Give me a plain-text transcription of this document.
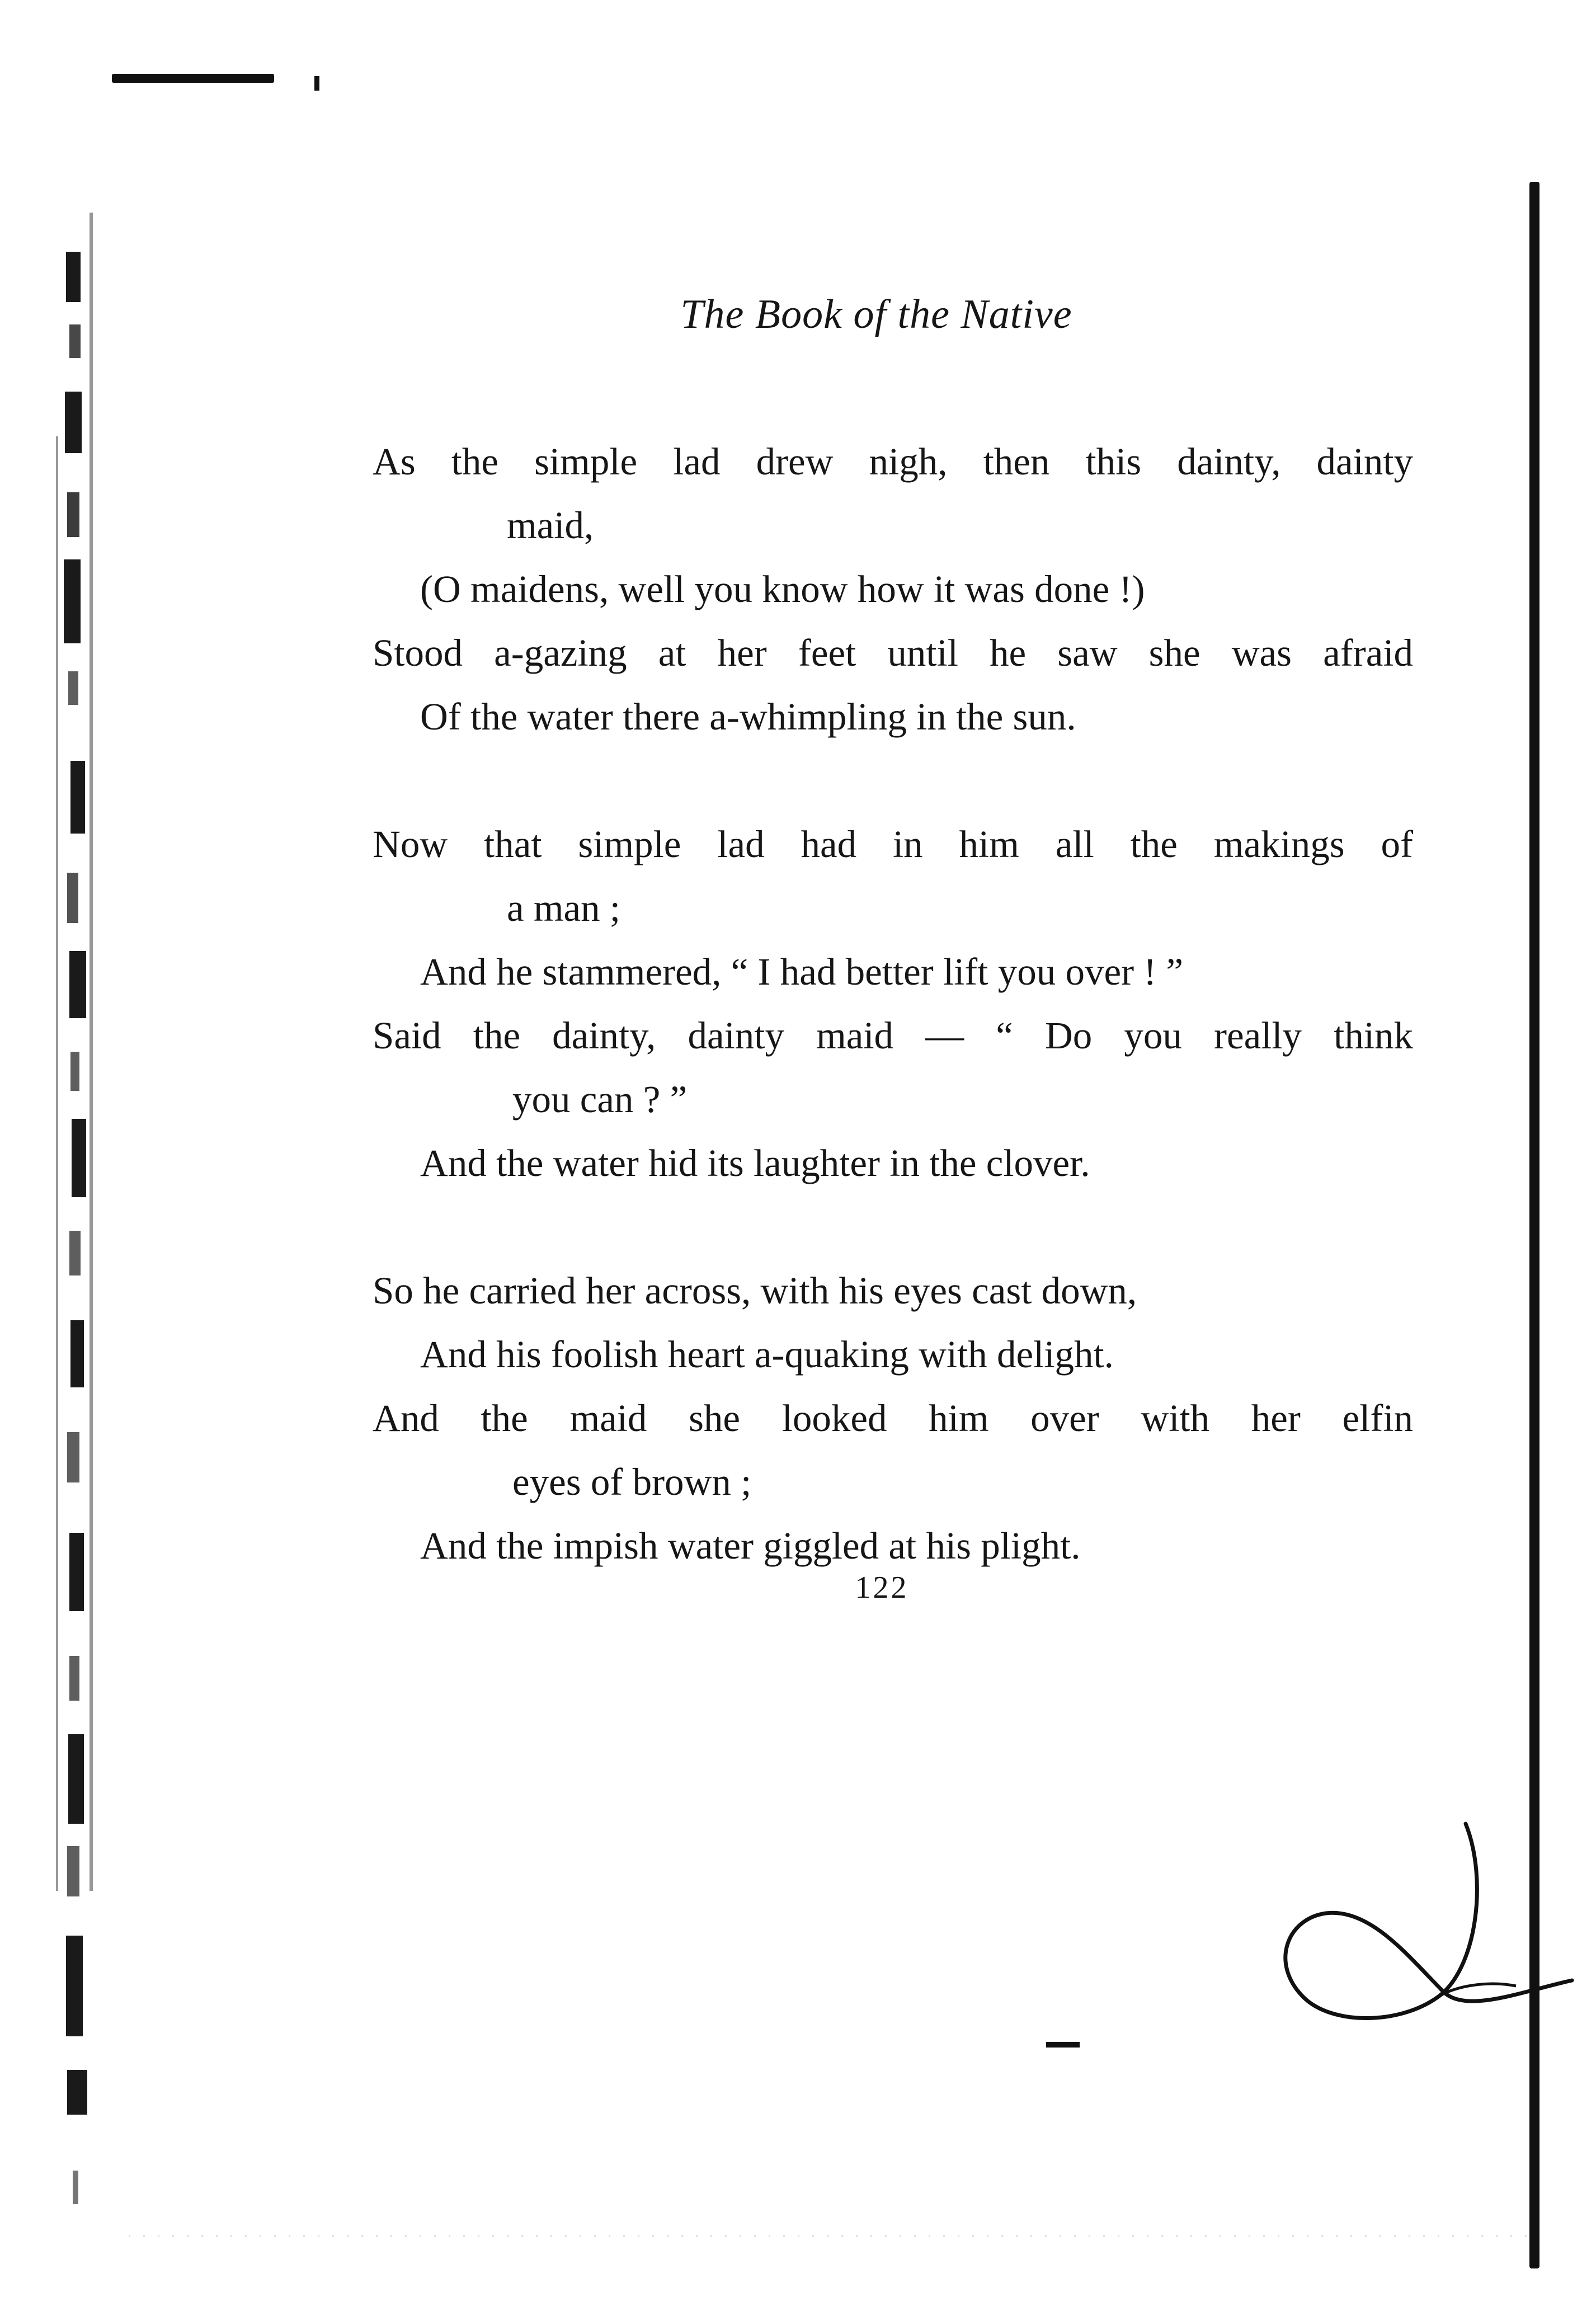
The Book of the Native
As the simple lad drew nigh, then this dainty, dainty
maid,
(O maidens, well you know how it was done !)
Stood a-gazing at her feet until he saw she was afraid
Of the water there a-whimpling in the sun.
Now that simple lad had in him all the makings of
a man ;
And he stammered, “ I had better lift you over ! ”
Said the dainty, dainty maid — “ Do you really think
you can ? ”
And the water hid its laughter in the clover.
So he carried her across, with his eyes cast down,
And his foolish heart a-quaking with delight.
And the maid she looked him over with her elfin
eyes of brown ;
And the impish water giggled at his plight.
122
